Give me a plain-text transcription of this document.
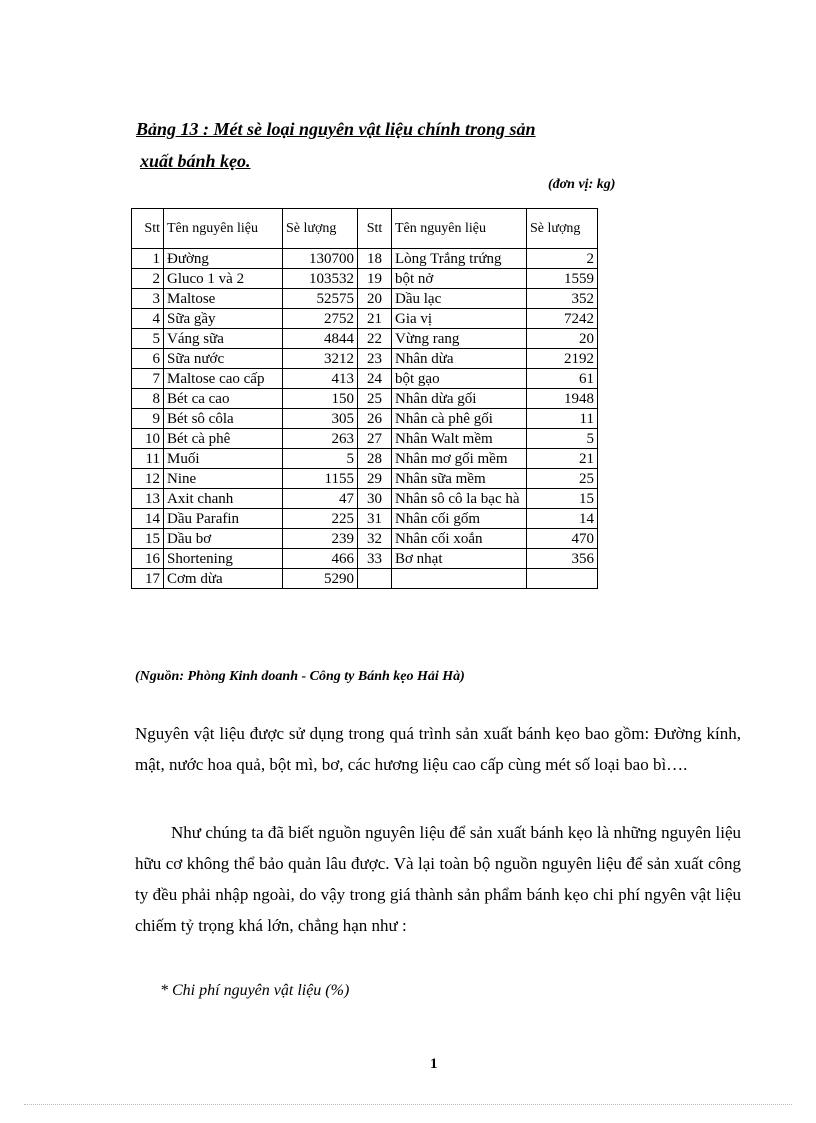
Bảng 13 : Mét sè loại nguyên vật liệu chính trong sản
xuất bánh kẹo.
(đơn vị: kg)
Stt	Tên nguyên liệu	Sè lượng	Stt	Tên nguyên liệu	Sè lượng
1	Đường	130700	18	Lòng Trắng trứng	2
2	Gluco 1 và 2	103532	19	bột nở	1559
3	Maltose	52575	20	Dầu lạc	352
4	Sữa gầy	2752	21	Gia vị	7242
5	Váng sữa	4844	22	Vừng rang	20
6	Sữa nước	3212	23	Nhân dừa	2192
7	Maltose cao cấp	413	24	bột gạo	61
8	Bét ca cao	150	25	Nhân dừa gối	1948
9	Bét sô côla	305	26	Nhân cà phê gối	11
10	Bét cà phê	263	27	Nhân Walt mềm	5
11	Muối	5	28	Nhân mơ gối mềm	21
12	Nine	1155	29	Nhân sữa mềm	25
13	Axit chanh	47	30	Nhân sô cô la bạc hà	15
14	Dầu Parafin	225	31	Nhân cối gốm	14
15	Dầu bơ	239	32	Nhân cối xoắn	470
16	Shortening	466	33	Bơ nhạt	356
17	Cơm dừa	5290			
(Nguồn: Phòng Kinh doanh - Công ty Bánh kẹo Hải Hà)
Nguyên vật liệu được sử dụng trong quá trình sản xuất bánh kẹo bao gồm: Đường kính, mật, nước hoa quả, bột mì, bơ, các hương liệu cao cấp cùng mét số loại bao bì….
Như chúng ta đã biết nguồn nguyên liệu để sản xuất bánh kẹo là những nguyên liệu hữu cơ không thể bảo quản lâu được. Và lại toàn bộ nguồn nguyên liệu để sản xuất công ty đều phải nhập ngoài, do vậy trong giá thành sản phẩm bánh kẹo chi phí ngyên vật liệu chiếm tỷ trọng khá lớn, chẳng hạn như :
* Chi phí nguyên vật liệu (%)
1
